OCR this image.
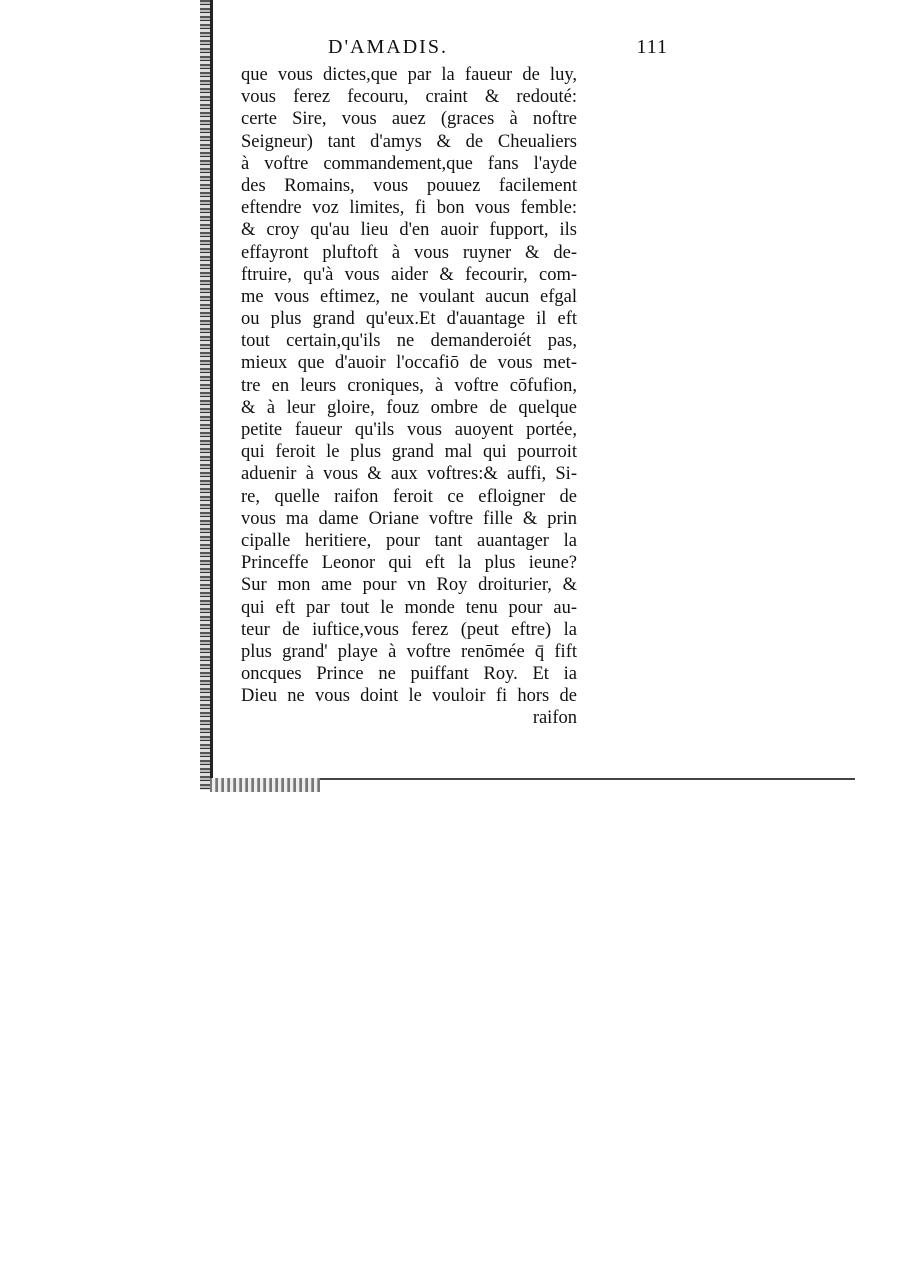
D'AMADIS.	111
que vous dictes,que par la faueur de luy,
vous ferez fecouru, craint & redouté:
certe Sire, vous auez (graces à noftre
Seigneur) tant d'amys & de Cheualiers
à voftre commandement,que fans l'ayde
des Romains, vous pouuez facilement
eftendre voz limites, fi bon vous femble:
& croy qu'au lieu d'en auoir fupport, ils
effayront pluftoft à vous ruyner & de-
ftruire, qu'à vous aider & fecourir, com-
me vous eftimez, ne voulant aucun efgal
ou plus grand qu'eux.Et d'auantage il eft
tout certain,qu'ils ne demanderoiét pas,
mieux que d'auoir l'occafiō de vous met-
tre en leurs croniques, à voftre cōfufion,
& à leur gloire, fouz ombre de quelque
petite faueur qu'ils vous auoyent portée,
qui feroit le plus grand mal qui pourroit
aduenir à vous & aux voftres:& auffi, Si-
re, quelle raifon feroit ce efloigner de
vous ma dame Oriane voftre fille & prin
cipalle heritiere, pour tant auantager la
Princeffe Leonor qui eft la plus ieune?
Sur mon ame pour vn Roy droiturier, &
qui eft par tout le monde tenu pour au-
teur de iuftice,vous ferez (peut eftre) la
plus grand' playe à voftre renōmée q̄ fift
oncques Prince ne puiffant Roy. Et ia
Dieu ne vous doint le vouloir fi hors de
raifon
